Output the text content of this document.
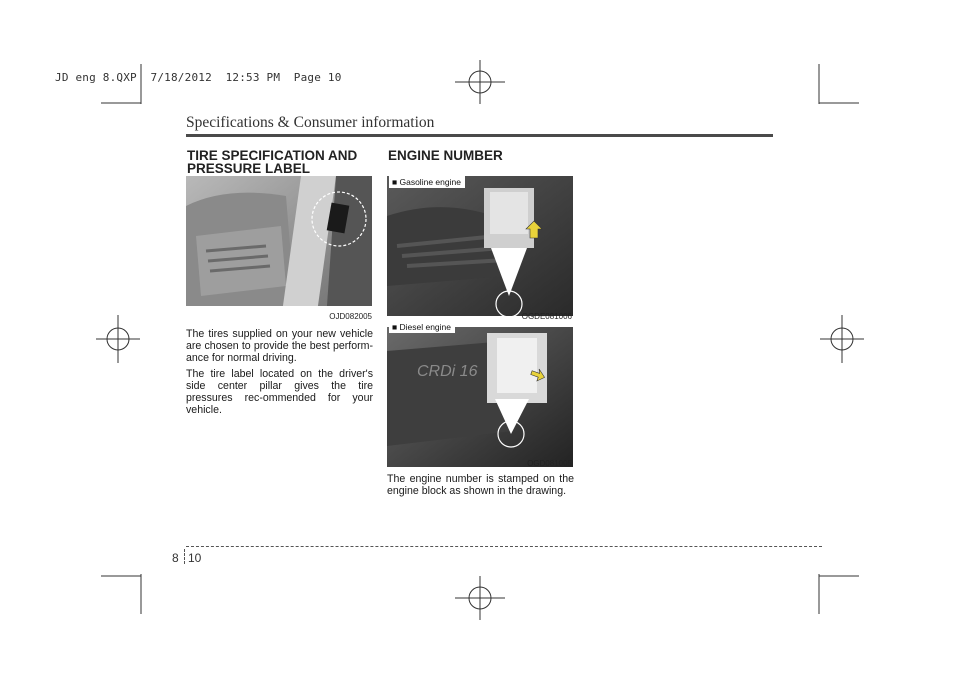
JD eng 8.QXP  7/18/2012  12:53 PM  Page 10
Specifications & Consumer information
TIRE SPECIFICATION AND
PRESSURE LABEL
OJD082005

The tires supplied on your new vehicle are chosen to provide the best perform-ance for normal driving.

The tire label located on the driver's side center pillar gives the tire pressures rec-ommended for your vehicle.

ENGINE NUMBER
CRDi 16
■ Gasoline engine
■ Diesel engine
OGDE081006
OGD081005

The engine number is stamped on the engine block as shown in the drawing.

8 10
